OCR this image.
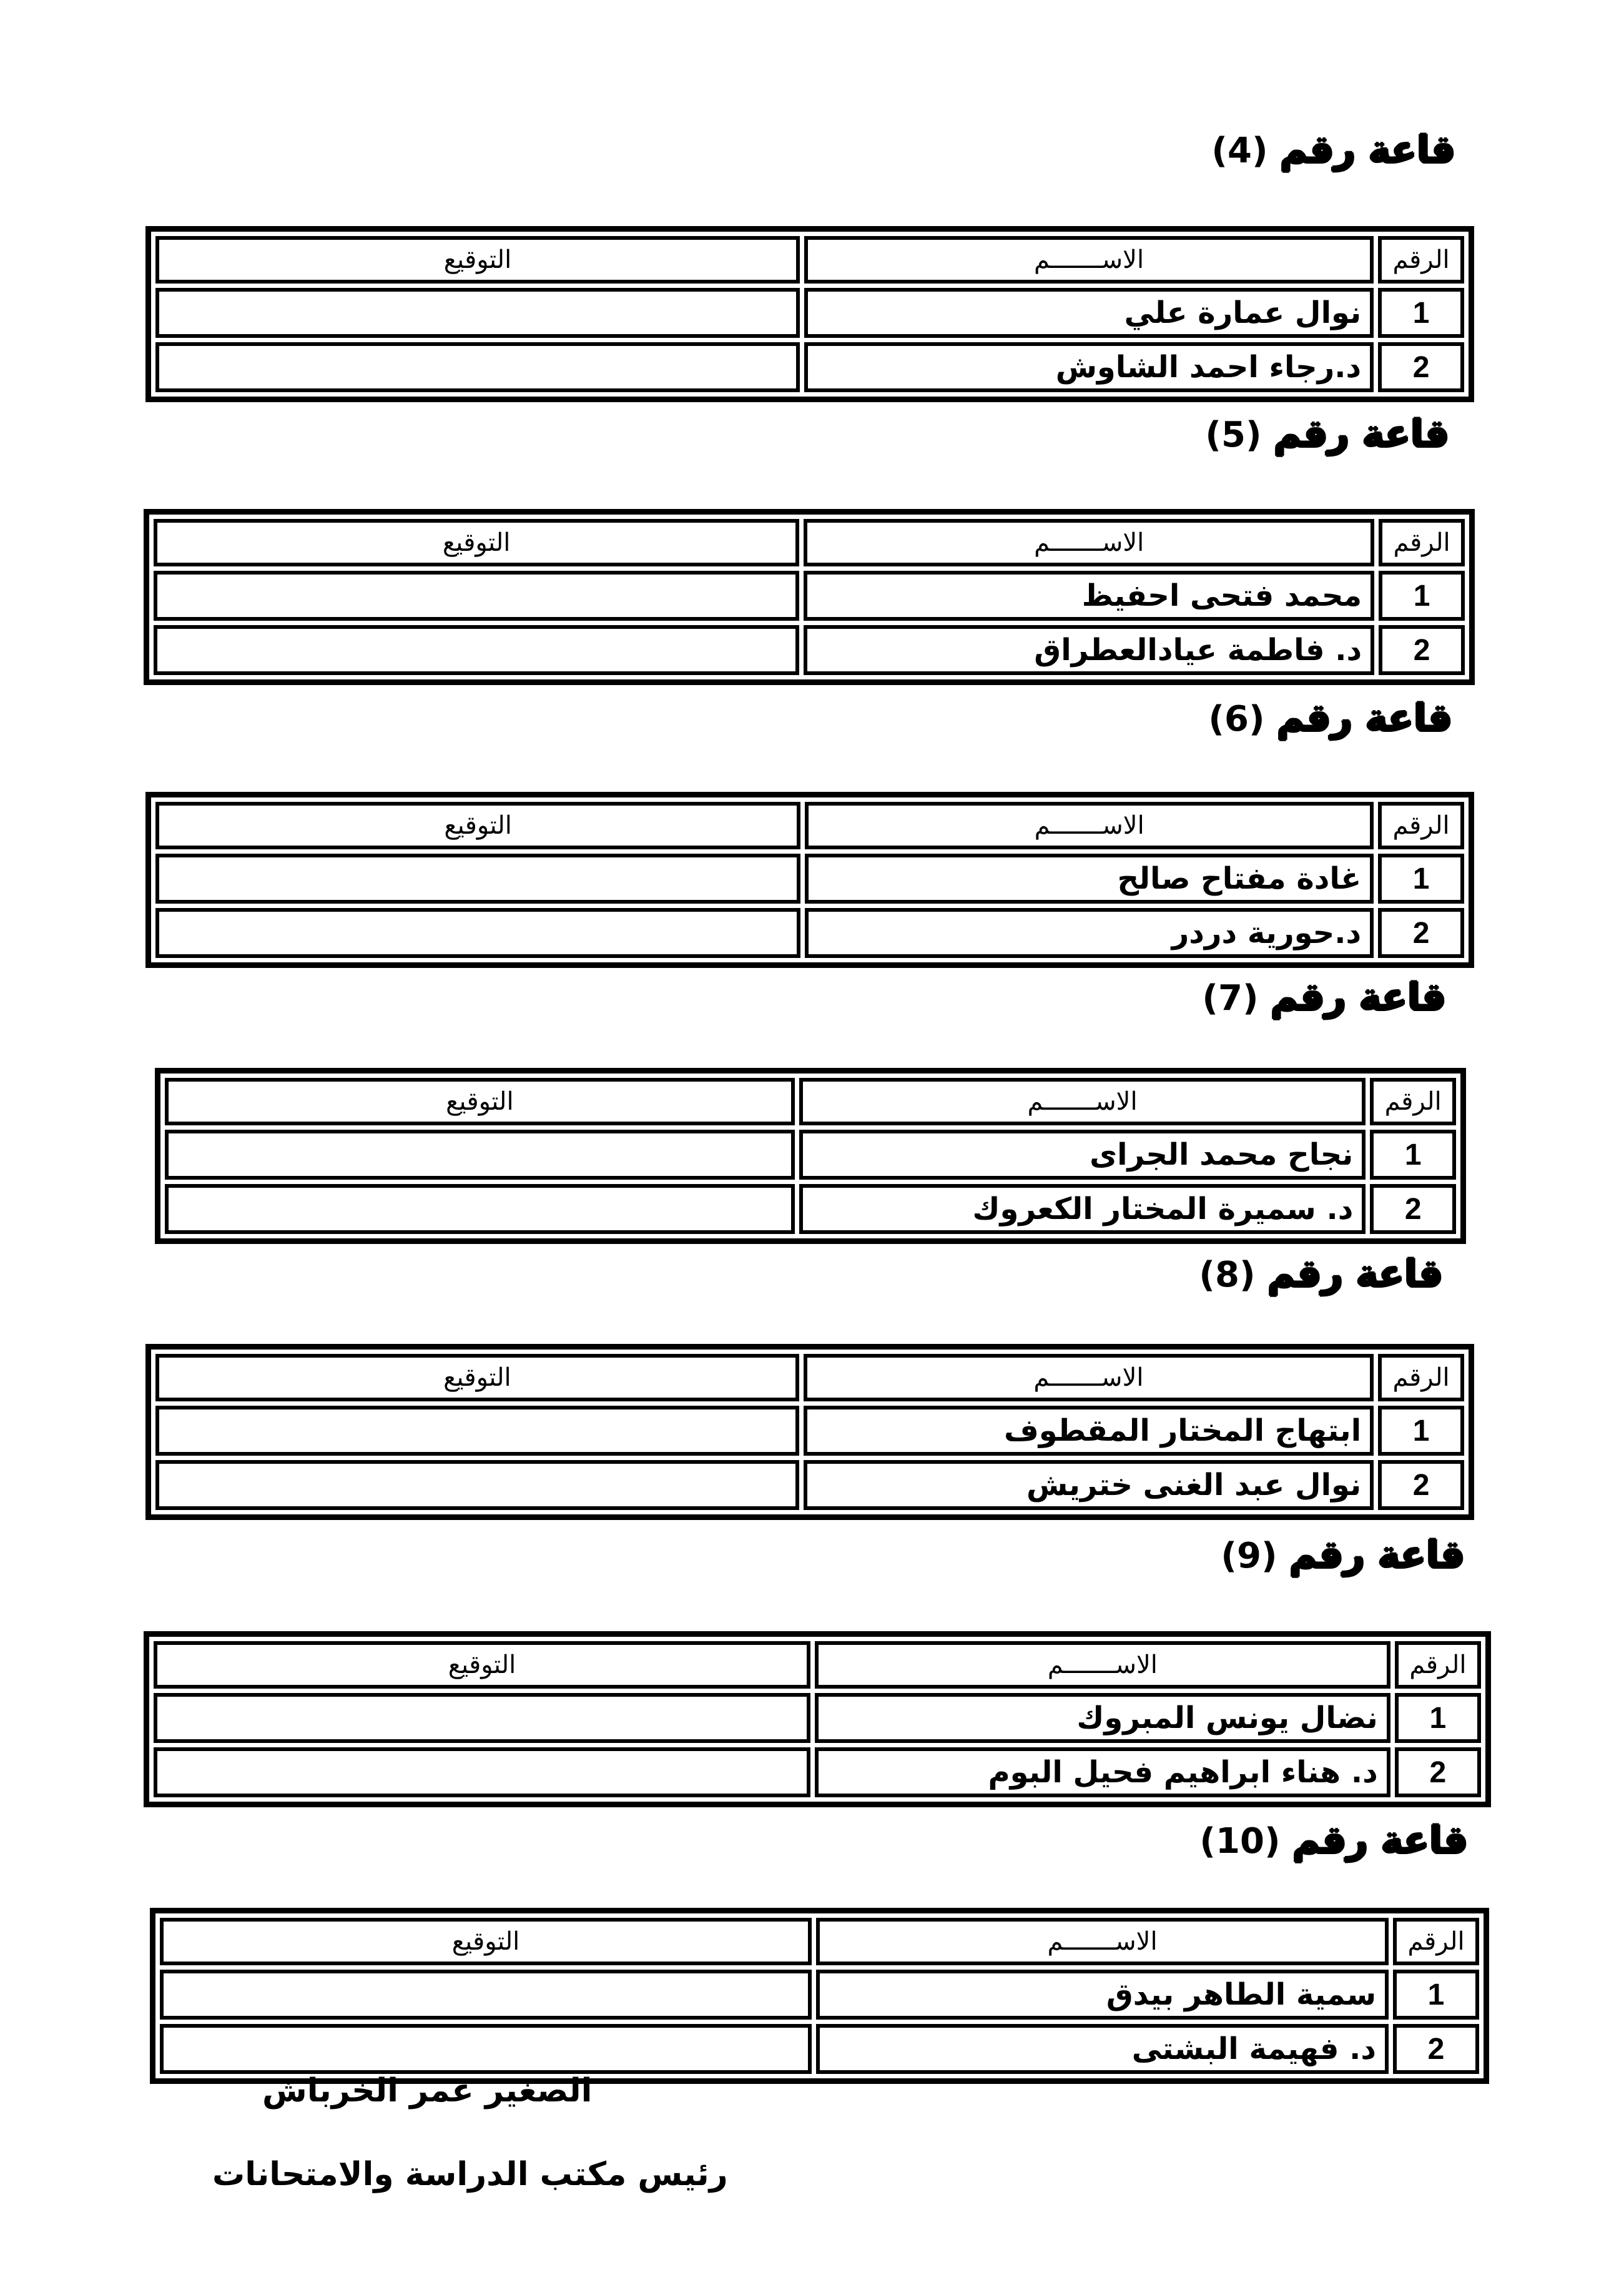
قاعة رقم (4)
الرقم	الاســـــــم	التوقيع
1	نوال عمارة علي	
2	د.رجاء احمد الشاوش	
قاعة رقم (5)
الرقم	الاســـــــم	التوقيع
1	محمد فتحى احفيظ	
2	د. فاطمة عيادالعطراق	
قاعة رقم (6)
الرقم	الاســـــــم	التوقيع
1	غادة مفتاح صالح	
2	د.حورية دردر	
قاعة رقم (7)
الرقم	الاســـــــم	التوقيع
1	نجاح محمد الجراى	
2	د. سميرة المختار الكعروك	
قاعة رقم (8)
الرقم	الاســـــــم	التوقيع
1	ابتهاج المختار المقطوف	
2	نوال عبد الغنى ختريش	
قاعة رقم (9)
الرقم	الاســـــــم	التوقيع
1	نضال يونس المبروك	
2	د. هناء ابراهيم فحيل البوم	
قاعة رقم (10)
الرقم	الاســـــــم	التوقيع
1	سمية الطاهر بيدق	
2	د. فهيمة البشتى	
الصغير عمر الخرباش
رئيس مكتب الدراسة والامتحانات
